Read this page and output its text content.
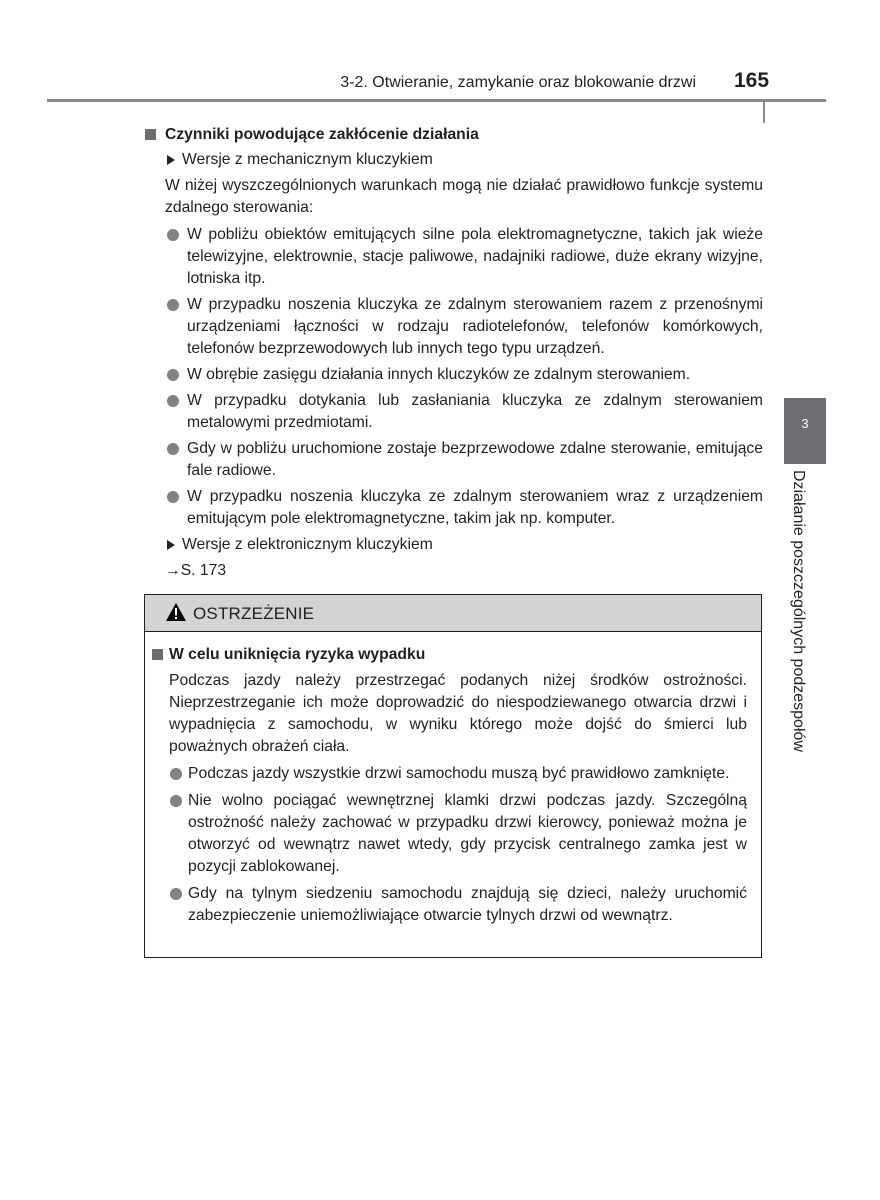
3-2. Otwieranie, zamykanie oraz blokowanie drzwi 165
Czynniki powodujące zakłócenie działania
Wersje z mechanicznym kluczykiem
W niżej wyszczególnionych warunkach mogą nie działać prawidłowo funkcje systemu zdalnego sterowania:
W pobliżu obiektów emitujących silne pola elektromagnetyczne, takich jak wieże telewizyjne, elektrownie, stacje paliwowe, nadajniki radiowe, duże ekrany wizyjne, lotniska itp.
W przypadku noszenia kluczyka ze zdalnym sterowaniem razem z przenośnymi urządzeniami łączności w rodzaju radiotelefonów, telefonów komórkowych, telefonów bezprzewodowych lub innych tego typu urządzeń.
W obrębie zasięgu działania innych kluczyków ze zdalnym sterowaniem.
W przypadku dotykania lub zasłaniania kluczyka ze zdalnym sterowaniem metalowymi przedmiotami.
Gdy w pobliżu uruchomione zostaje bezprzewodowe zdalne sterowanie, emitujące fale radiowe.
W przypadku noszenia kluczyka ze zdalnym sterowaniem wraz z urządzeniem emitującym pole elektromagnetyczne, takim jak np. komputer.
Wersje z elektronicznym kluczykiem
→S. 173
OSTRZEŻENIE
W celu uniknięcia ryzyka wypadku
Podczas jazdy należy przestrzegać podanych niżej środków ostrożności. Nieprzestrzeganie ich może doprowadzić do niespodziewanego otwarcia drzwi i wypadnięcia z samochodu, w wyniku którego może dojść do śmierci lub poważnych obrażeń ciała.
Podczas jazdy wszystkie drzwi samochodu muszą być prawidłowo zamknięte.
Nie wolno pociągać wewnętrznej klamki drzwi podczas jazdy. Szczególną ostrożność należy zachować w przypadku drzwi kierowcy, ponieważ można je otworzyć od wewnątrz nawet wtedy, gdy przycisk centralnego zamka jest w pozycji zablokowanej.
Gdy na tylnym siedzeniu samochodu znajdują się dzieci, należy uruchomić zabezpieczenie uniemożliwiające otwarcie tylnych drzwi od wewnątrz.
3
Działanie poszczególnych podzespołów
